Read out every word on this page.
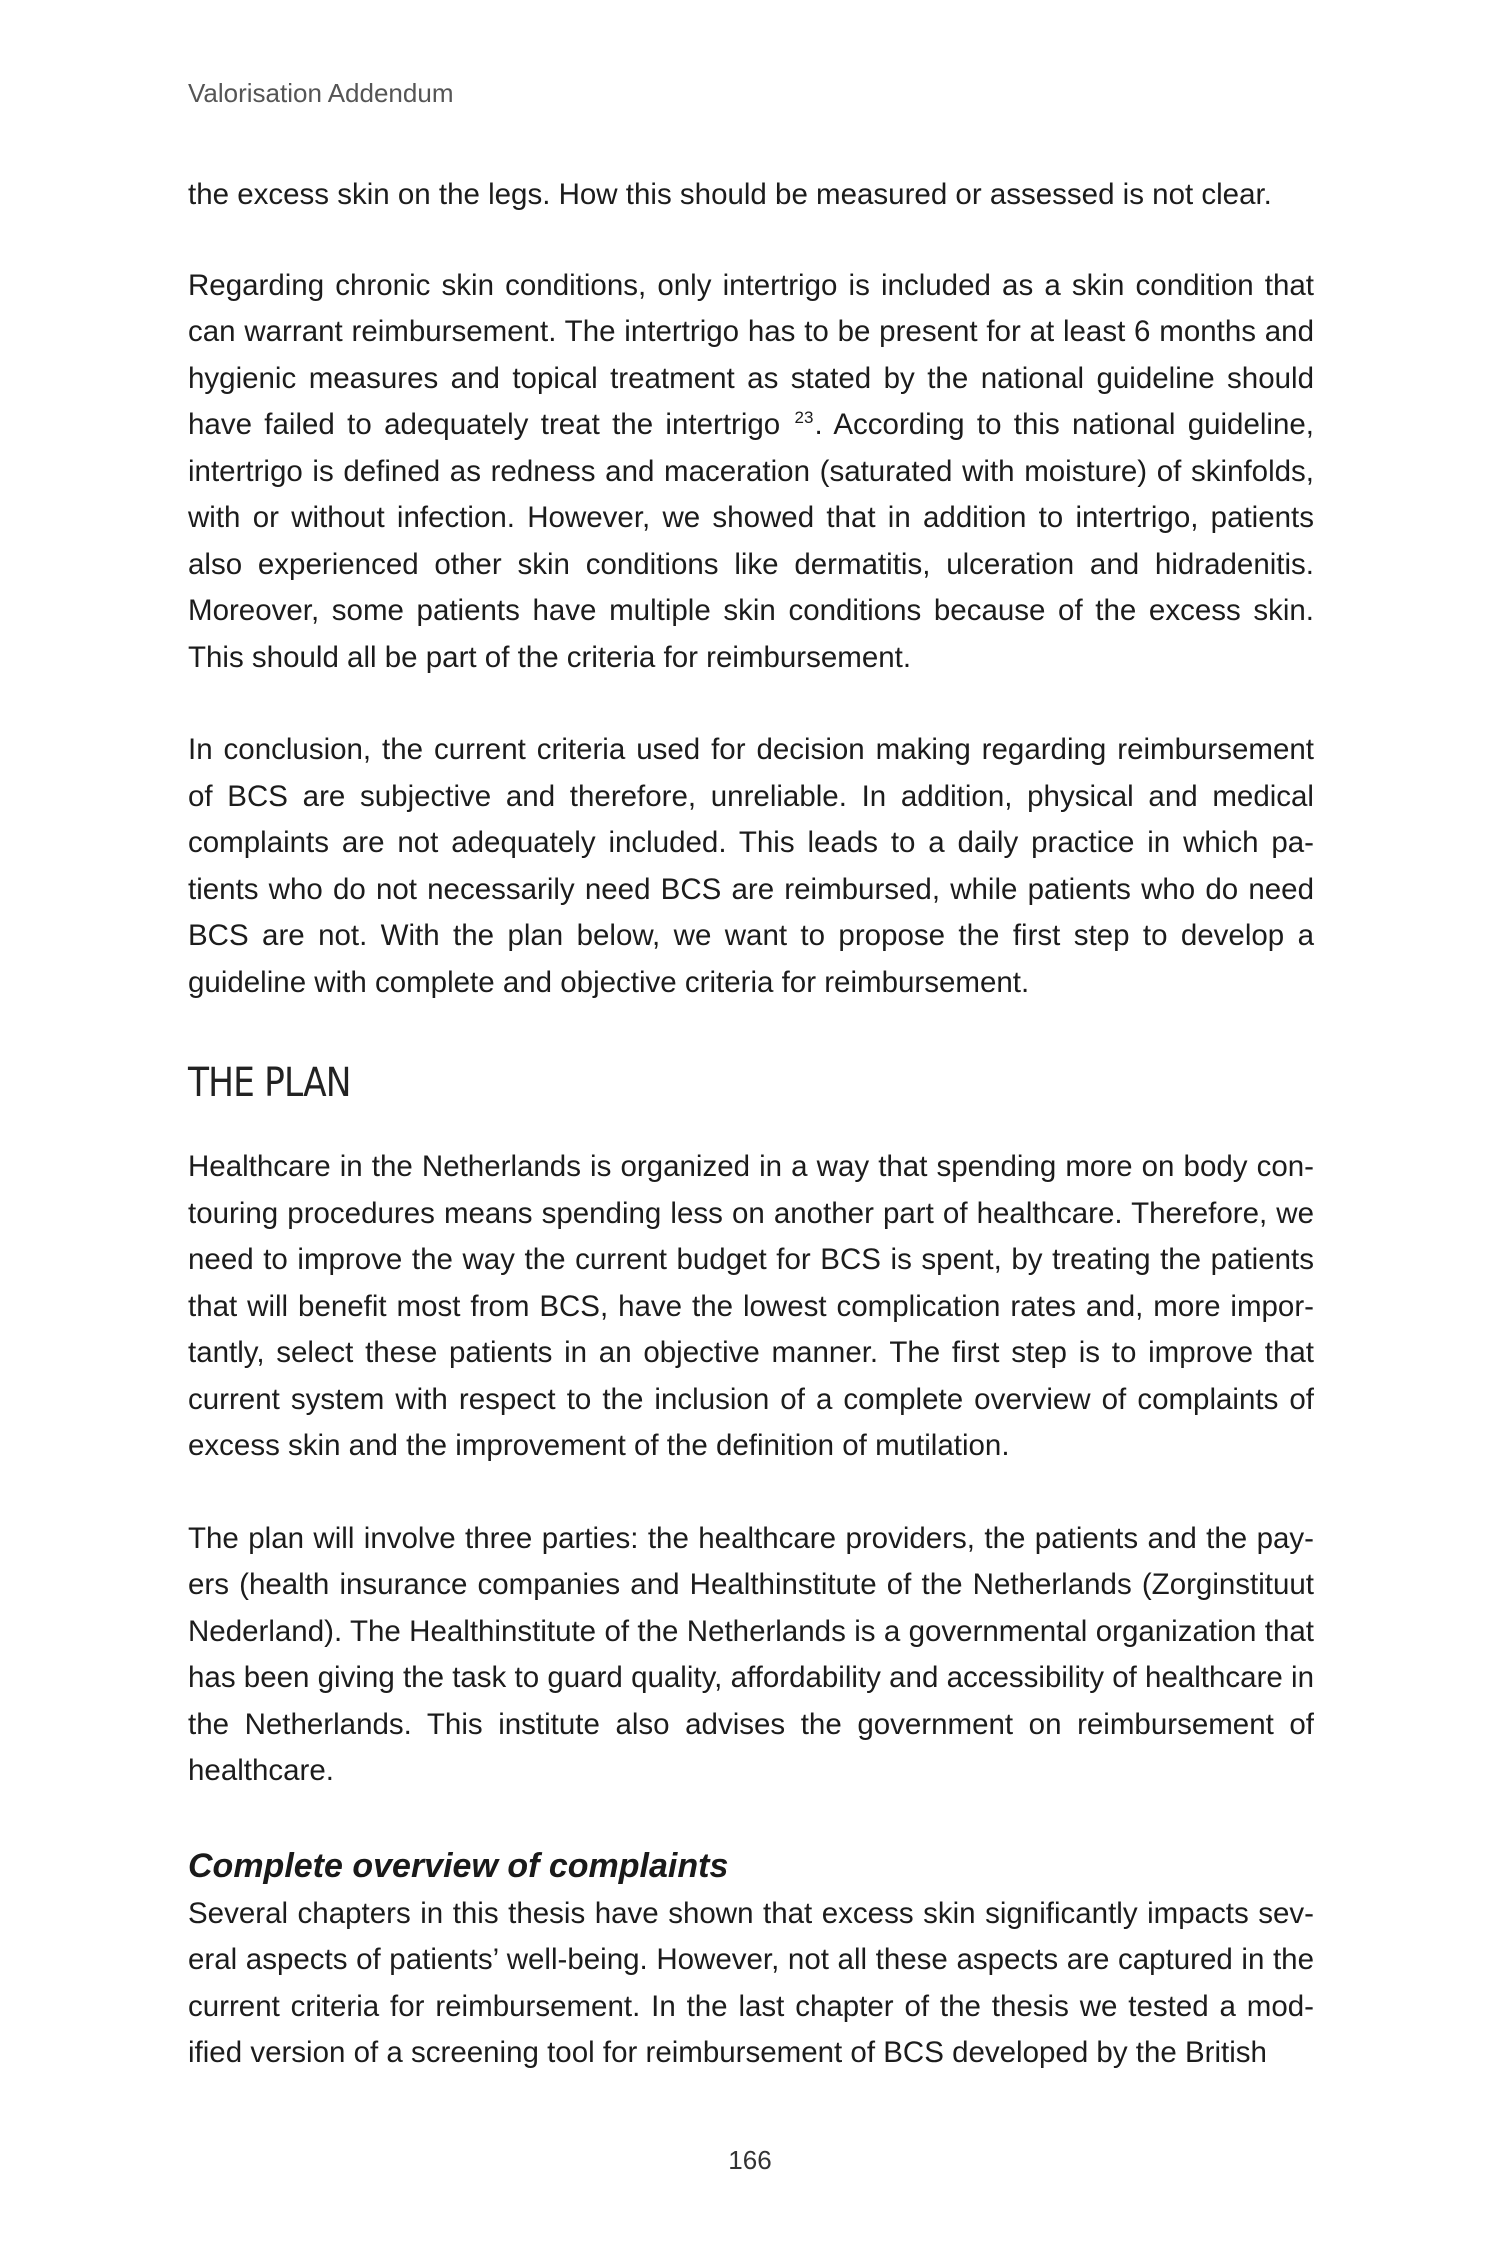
Valorisation Addendum

the excess skin on the legs. How this should be measured or assessed is not clear.

Regarding chronic skin conditions, only intertrigo is included as a skin condition that can warrant reimbursement. The intertrigo has to be present for at least 6 months and hygienic measures and topical treatment as stated by the national guideline should have failed to adequately treat the intertrigo $^{23}$. According to this national guideline, intertrigo is defined as redness and maceration (saturated with moisture) of skinfolds, with or without infection. However, we showed that in addition to intertrigo, patients also experienced other skin conditions like dermatitis, ulceration and hidradenitis. Moreover, some patients have multiple skin conditions because of the excess skin. This should all be part of the criteria for reimbursement.

In conclusion, the current criteria used for decision making regarding reimbursement of BCS are subjective and therefore, unreliable. In addition, physical and medical complaints are not adequately included. This leads to a daily practice in which patients who do not necessarily need BCS are reimbursed, while patients who do need BCS are not. With the plan below, we want to propose the first step to develop a guideline with complete and objective criteria for reimbursement.

THE PLAN

Healthcare in the Netherlands is organized in a way that spending more on body contouring procedures means spending less on another part of healthcare. Therefore, we need to improve the way the current budget for BCS is spent, by treating the patients that will benefit most from BCS, have the lowest complication rates and, more importantly, select these patients in an objective manner. The first step is to improve that current system with respect to the inclusion of a complete overview of complaints of excess skin and the improvement of the definition of mutilation.

The plan will involve three parties: the healthcare providers, the patients and the payers (health insurance companies and Healthinstitute of the Netherlands (Zorginstituut Nederland). The Healthinstitute of the Netherlands is a governmental organization that has been giving the task to guard quality, affordability and accessibility of healthcare in the Netherlands. This institute also advises the government on reimbursement of healthcare.

Complete overview of complaints

Several chapters in this thesis have shown that excess skin significantly impacts several aspects of patients’ well-being. However, not all these aspects are captured in the current criteria for reimbursement. In the last chapter of the thesis we tested a modified version of a screening tool for reimbursement of BCS developed by the British

166
